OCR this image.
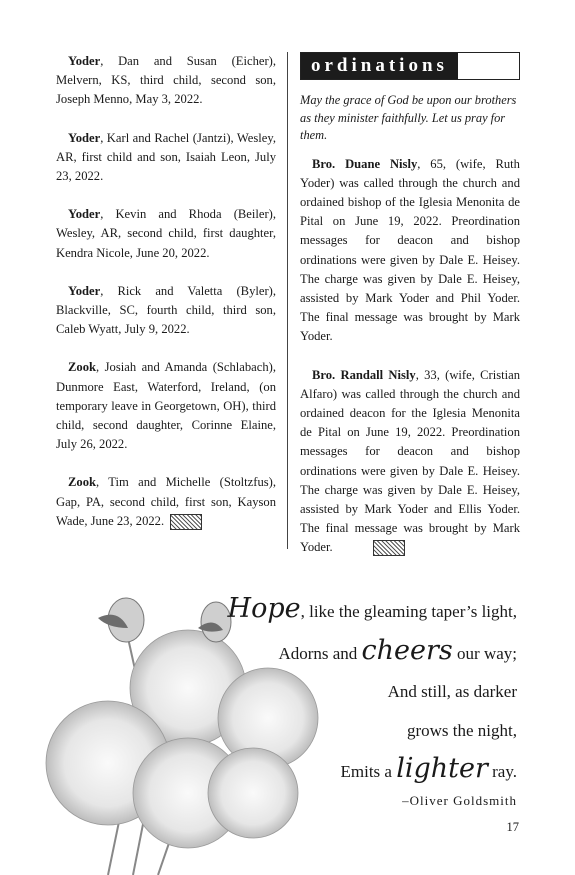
Yoder, Dan and Susan (Eicher), Melvern, KS, third child, second son, Joseph Menno, May 3, 2022.

Yoder, Karl and Rachel (Jantzi), Wesley, AR, first child and son, Isaiah Leon, July 23, 2022.

Yoder, Kevin and Rhoda (Beiler), Wesley, AR, second child, first daughter, Kendra Nicole, June 20, 2022.

Yoder, Rick and Valetta (Byler), Blackville, SC, fourth child, third son, Caleb Wyatt, July 9, 2022.

Zook, Josiah and Amanda (Schlabach), Dunmore East, Waterford, Ireland, (on temporary leave in Georgetown, OH), third child, second daughter, Corinne Elaine, July 26, 2022.

Zook, Tim and Michelle (Stoltzfus), Gap, PA, second child, first son, Kayson Wade, June 23, 2022.

ordinations

May the grace of God be upon our brothers as they minister faithfully. Let us pray for them.

Bro. Duane Nisly, 65, (wife, Ruth Yoder) was called through the church and ordained bishop of the Iglesia Menonita de Pital on June 19, 2022. Preordination messages for deacon and bishop ordinations were given by Dale E. Heisey. The charge was given by Dale E. Heisey, assisted by Mark Yoder and Phil Yoder. The final message was brought by Mark Yoder.

Bro. Randall Nisly, 33, (wife, Cristian Alfaro) was called through the church and ordained deacon for the Iglesia Menonita de Pital on June 19, 2022. Preordination messages for deacon and bishop ordinations were given by Dale E. Heisey. The charge was given by Dale E. Heisey, assisted by Mark Yoder and Ellis Yoder. The final message was brought by Mark Yoder.

Hope, like the gleaming taper’s light,
Adorns and cheers our way;
And still, as darker
grows the night,
Emits a lighter ray.
–Oliver Goldsmith
17
